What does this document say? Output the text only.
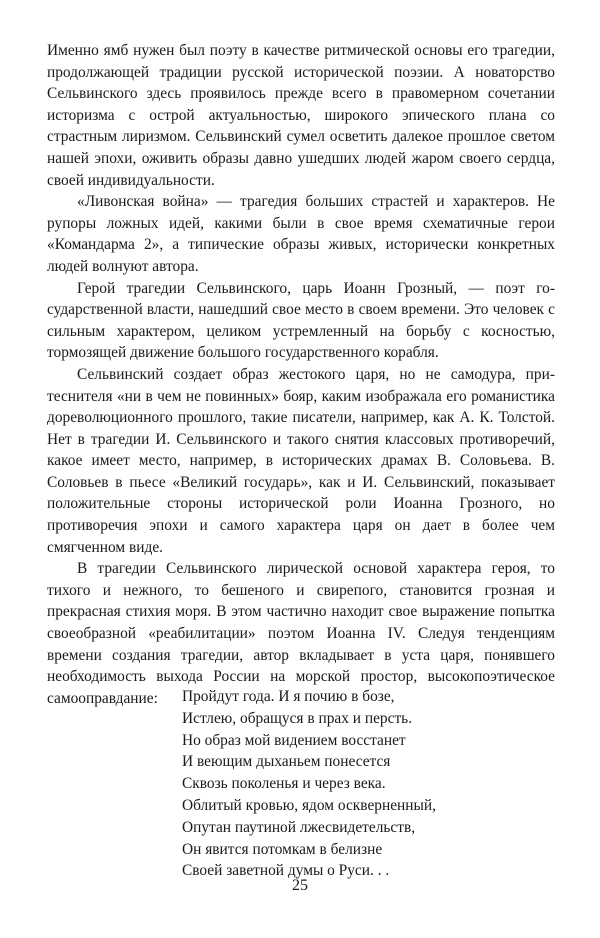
Именно ямб нужен был поэту в качестве ритмической основы его трагедии, продолжающей традиции русской исторической поэзии. А новаторство Сельвинского здесь проявилось прежде всего в правомерном сочетании историзма с острой актуальностью, широкого эпического плана со страстным лиризмом. Сельвинский сумел осветить далекое прошлое светом нашей эпохи, оживить образы давно ушедших людей жаром своего сердца, своей индивидуальности.

«Ливонская война» — трагедия больших страстей и характеров. Не рупоры ложных идей, какими были в свое время схематичные герои «Командарма 2», а типические образы живых, исторически конкретных людей волнуют автора.

Герой трагедии Сельвинского, царь Иоанн Грозный, — поэт государственной власти, нашедший свое место в своем времени. Это человек с сильным характером, целиком устремленный на борьбу с косностью, тормозящей движение большого государственного корабля.

Сельвинский создает образ жестокого царя, но не самодура, притеснителя «ни в чем не повинных» бояр, каким изображала его романистика дореволюционного прошлого, такие писатели, например, как А. К. Толстой. Нет в трагедии И. Сельвинского и такого снятия классовых противоречий, какое имеет место, например, в исторических драмах В. Соловьева. В. Соловьев в пьесе «Великий государь», как и И. Сельвинский, показывает положительные стороны исторической роли Иоанна Грозного, но противоречия эпохи и самого характера царя он дает в более чем смягченном виде.

В трагедии Сельвинского лирической основой характера героя, то тихого и нежного, то бешеного и свирепого, становится грозная и прекрасная стихия моря. В этом частично находит свое выражение попытка своеобразной «реабилитации» поэтом Иоанна IV. Следуя тенденциям времени создания трагедии, автор вкладывает в уста царя, понявшего необходимость выхода России на морской простор, высокопоэтическое самооправдание:	Пройдут года. И я почию в бозе,
Истлею, обращуся в прах и персть.
Но образ мой видением восстанет
И веющим дыханьем понесется
Сквозь поколенья и через века.
Облитый кровью, ядом оскверненный,
Опутан паутиной лжесвидетельств,
Он явится потомкам в белизне
Своей заветной думы о Руси. . .
25
